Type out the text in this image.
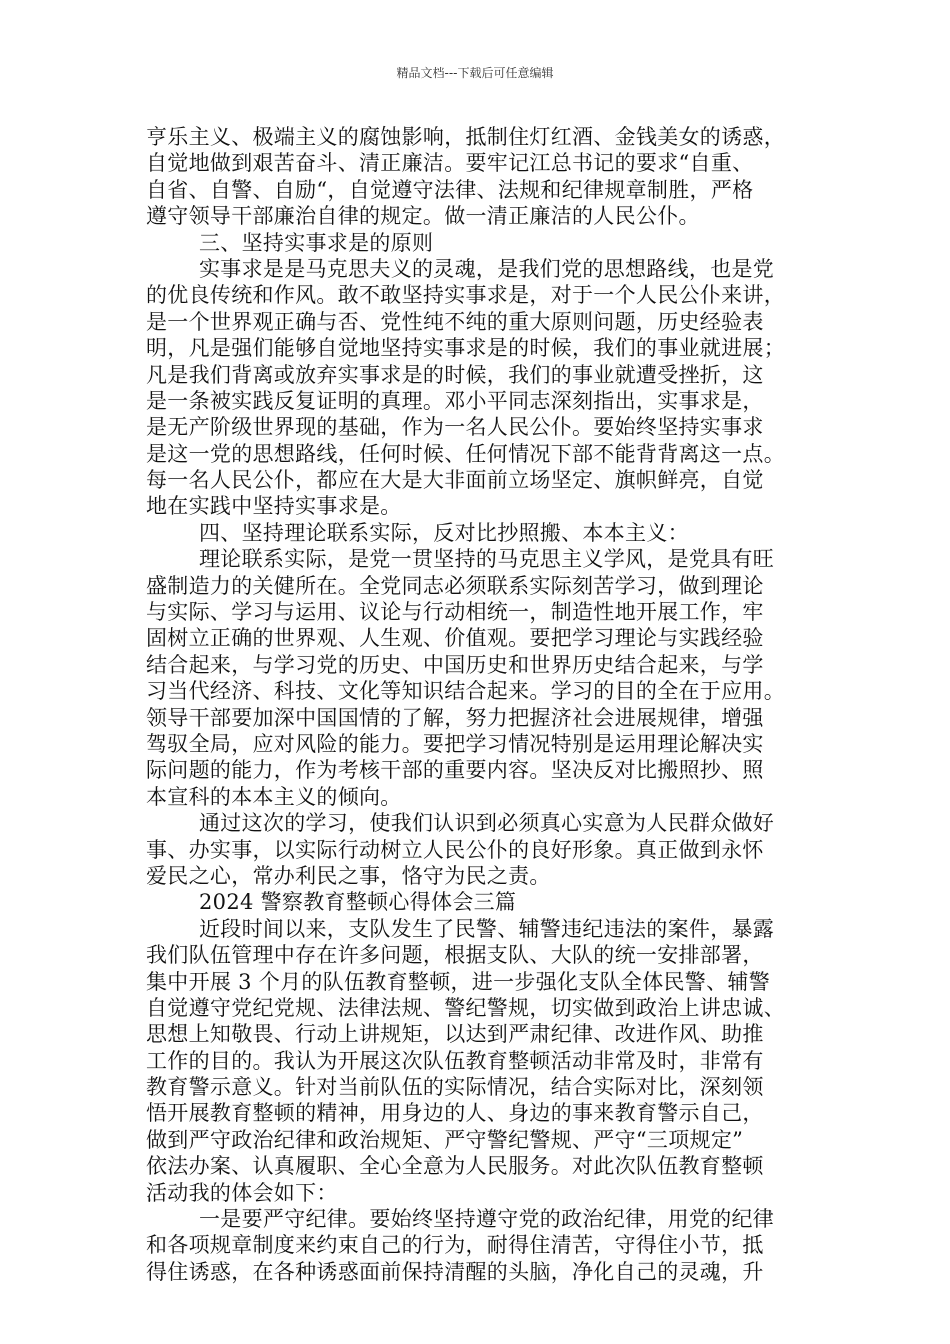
精品文档---下载后可任意编辑
亨乐主义、极端主义的腐蚀影响，抵制住灯红酒、金钱美女的诱惑，
自觉地做到艰苦奋斗、清正廉洁。要牢记江总书记的要求“自重、
自省、自警、自励“，自觉遵守法律、法规和纪律规章制胜，严格
遵守领导干部廉治自律的规定。做一清正廉洁的人民公仆。
三、坚持实事求是的原则
实事求是是马克思夫义的灵魂，是我们党的思想路线，也是党
的优良传统和作风。敢不敢坚持实事求是，对于一个人民公仆来讲，
是一个世界观正确与否、党性纯不纯的重大原则问题，历史经验表
明，凡是强们能够自觉地坚持实事求是的时候，我们的事业就进展；
凡是我们背离或放弃实事求是的时候，我们的事业就遭受挫折，这
是一条被实践反复证明的真理。邓小平同志深刻指出，实事求是，
是无产阶级世界现的基础，作为一名人民公仆。要始终坚持实事求
是这一党的思想路线，任何时候、任何情况下部不能背背离这一点。
每一名人民公仆，都应在大是大非面前立场坚定、旗帜鲜亮，自觉
地在实践中坚持实事求是。
四、坚持理论联系实际，反对比抄照搬、本本主义：
理论联系实际，是党一贯坚持的马克思主义学风，是党具有旺
盛制造力的关健所在。全党同志必须联系实际刻苦学习，做到理论
与实际、学习与运用、议论与行动相统一，制造性地开展工作，牢
固树立正确的世界观、人生观、价值观。要把学习理论与实践经验
结合起来，与学习党的历史、中国历史和世界历史结合起来，与学
习当代经济、科技、文化等知识结合起来。学习的目的全在于应用。
领导干部要加深中国国情的了解，努力把握济社会进展规律，增强
驾驭全局，应对风险的能力。要把学习情况特别是运用理论解决实
际问题的能力，作为考核干部的重要内容。坚决反对比搬照抄、照
本宣科的本本主义的倾向。
通过这次的学习，使我们认识到必须真心实意为人民群众做好
事、办实事，以实际行动树立人民公仆的良好形象。真正做到永怀
爱民之心，常办利民之事，恪守为民之责。
2024 警察教育整顿心得体会三篇
近段时间以来，支队发生了民警、辅警违纪违法的案件，暴露
我们队伍管理中存在许多问题，根据支队、大队的统一安排部署，
集中开展 3 个月的队伍教育整顿，进一步强化支队全体民警、辅警
自觉遵守党纪党规、法律法规、警纪警规，切实做到政治上讲忠诚、
思想上知敬畏、行动上讲规矩，以达到严肃纪律、改进作风、助推
工作的目的。我认为开展这次队伍教育整顿活动非常及时，非常有
教育警示意义。针对当前队伍的实际情况，结合实际对比，深刻领
悟开展教育整顿的精神，用身边的人、身边的事来教育警示自己，
做到严守政治纪律和政治规矩、严守警纪警规、严守“三项规定”
依法办案、认真履职、全心全意为人民服务。对此次队伍教育整顿
活动我的体会如下：
一是要严守纪律。要始终坚持遵守党的政治纪律，用党的纪律
和各项规章制度来约束自己的行为，耐得住清苦，守得住小节，抵
得住诱惑，在各种诱惑面前保持清醒的头脑，净化自己的灵魂，升
